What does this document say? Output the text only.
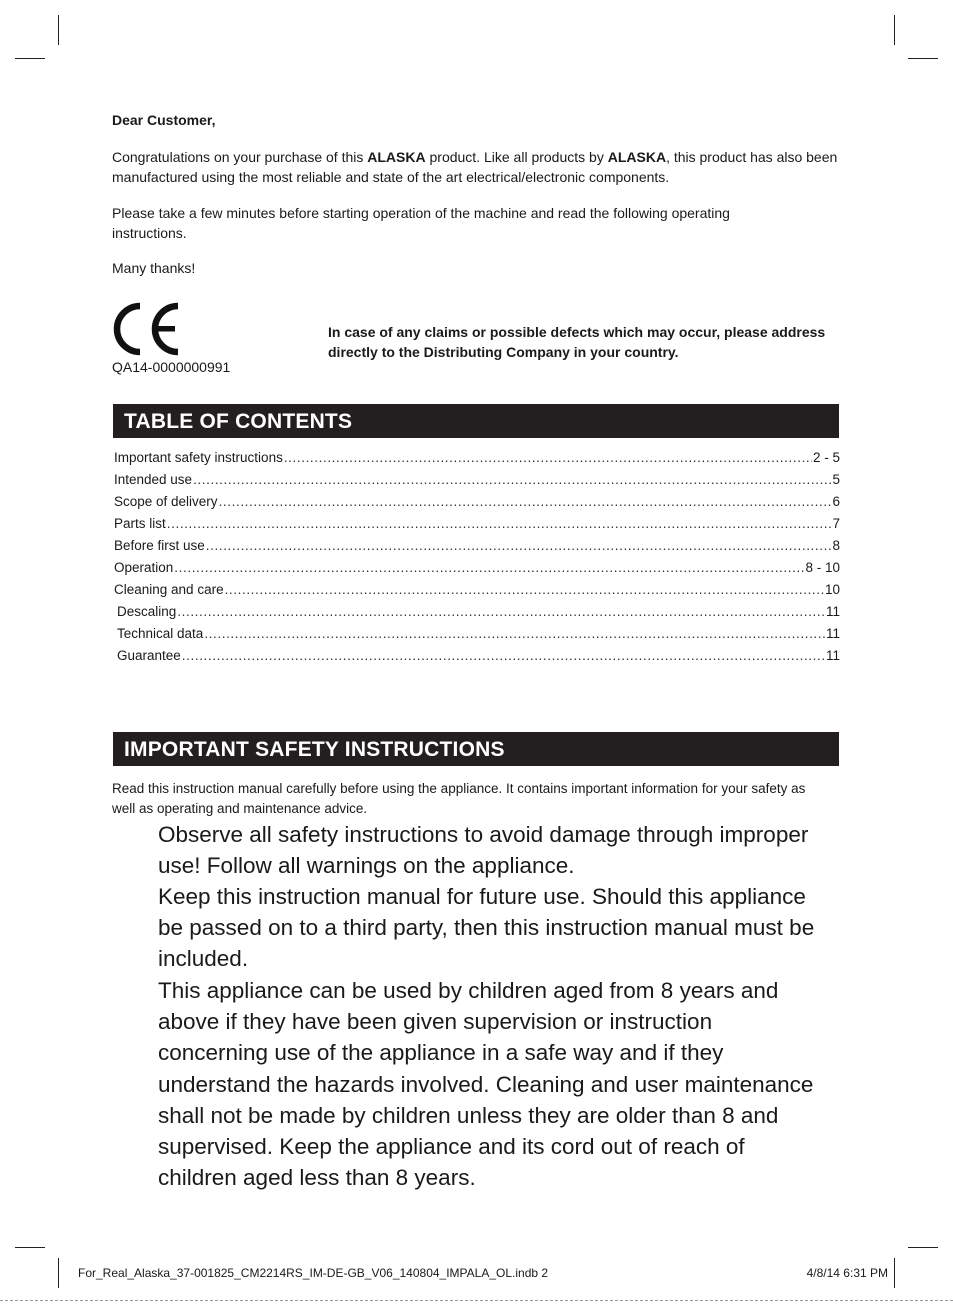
Dear Customer,

Congratulations on your purchase of this ALASKA product. Like all products by ALASKA, this product has also been manufactured using the most reliable and state of the art electrical/electronic components.

Please take a few minutes before starting operation of the machine and read the following operating instructions.

Many thanks!

QA14-0000000991

In case of any claims or possible defects which may occur, please address directly to the Distributing Company in your country.

TABLE OF CONTENTS
Important safety instructions .....	2 - 5
Intended use .....	5
Scope of delivery .....	6
Parts list .....	7
Before first use .....	8
Operation .....	8 - 10
Cleaning and care .....	10
Descaling .....	11
Technical data .....	11
Guarantee .....	11
IMPORTANT SAFETY INSTRUCTIONS

Read this instruction manual carefully before using the appliance. It contains important information for your safety as well as operating and maintenance advice.

Observe all safety instructions to avoid damage through improper use! Follow all warnings on the appliance.

Keep this instruction manual for future use. Should this appliance be passed on to a third party, then this instruction manual must be included.

This appliance can be used by children aged from 8 years and above if they have been given supervision or instruction concerning use of the appliance in a safe way and if they understand the hazards involved. Cleaning and user maintenance shall not be made by children unless they are older than 8 and supervised. Keep the appliance and its cord out of reach of children aged less than 8 years.

For_Real_Alaska_37-001825_CM2214RS_IM-DE-GB_V06_140804_IMPALA_OL.indb 2	4/8/14 6:31 PM
